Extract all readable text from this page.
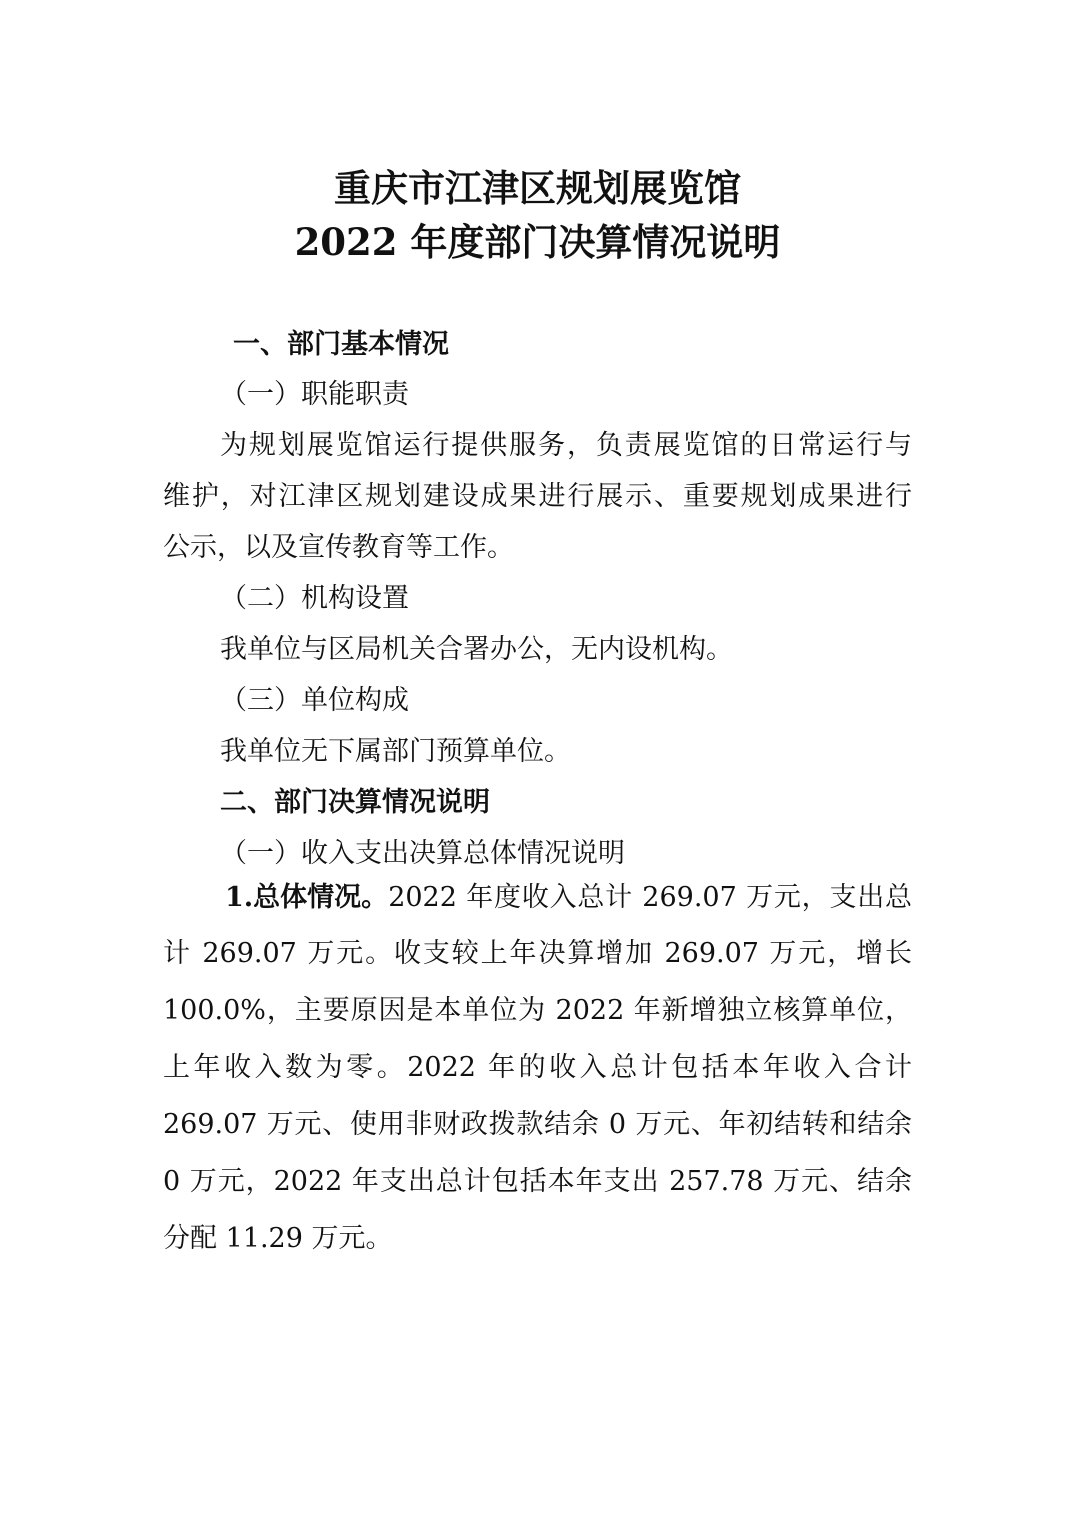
重庆市江津区规划展览馆
2022 年度部门决算情况说明
一、部门基本情况
（一）职能职责
为规划展览馆运行提供服务，负责展览馆的日常运行与
维护，对江津区规划建设成果进行展示、重要规划成果进行
公示，以及宣传教育等工作。
（二）机构设置
我单位与区局机关合署办公，无内设机构。
（三）单位构成
我单位无下属部门预算单位。
二、部门决算情况说明
（一）收入支出决算总体情况说明
1.总体情况。 2022 年度收入总计 269.07 万元，支出总
计 269.07 万元。收支较上年决算增加 269.07 万元，增长
100.0%，主要原因是本单位为 2022 年新增独立核算单位，
上年收入数为零。2022 年的收入总计包括本年收入合计
269.07 万元、使用非财政拨款结余 0 万元、年初结转和结余
0 万元，2022 年支出总计包括本年支出 257.78 万元、结余
分配 11.29 万元。
